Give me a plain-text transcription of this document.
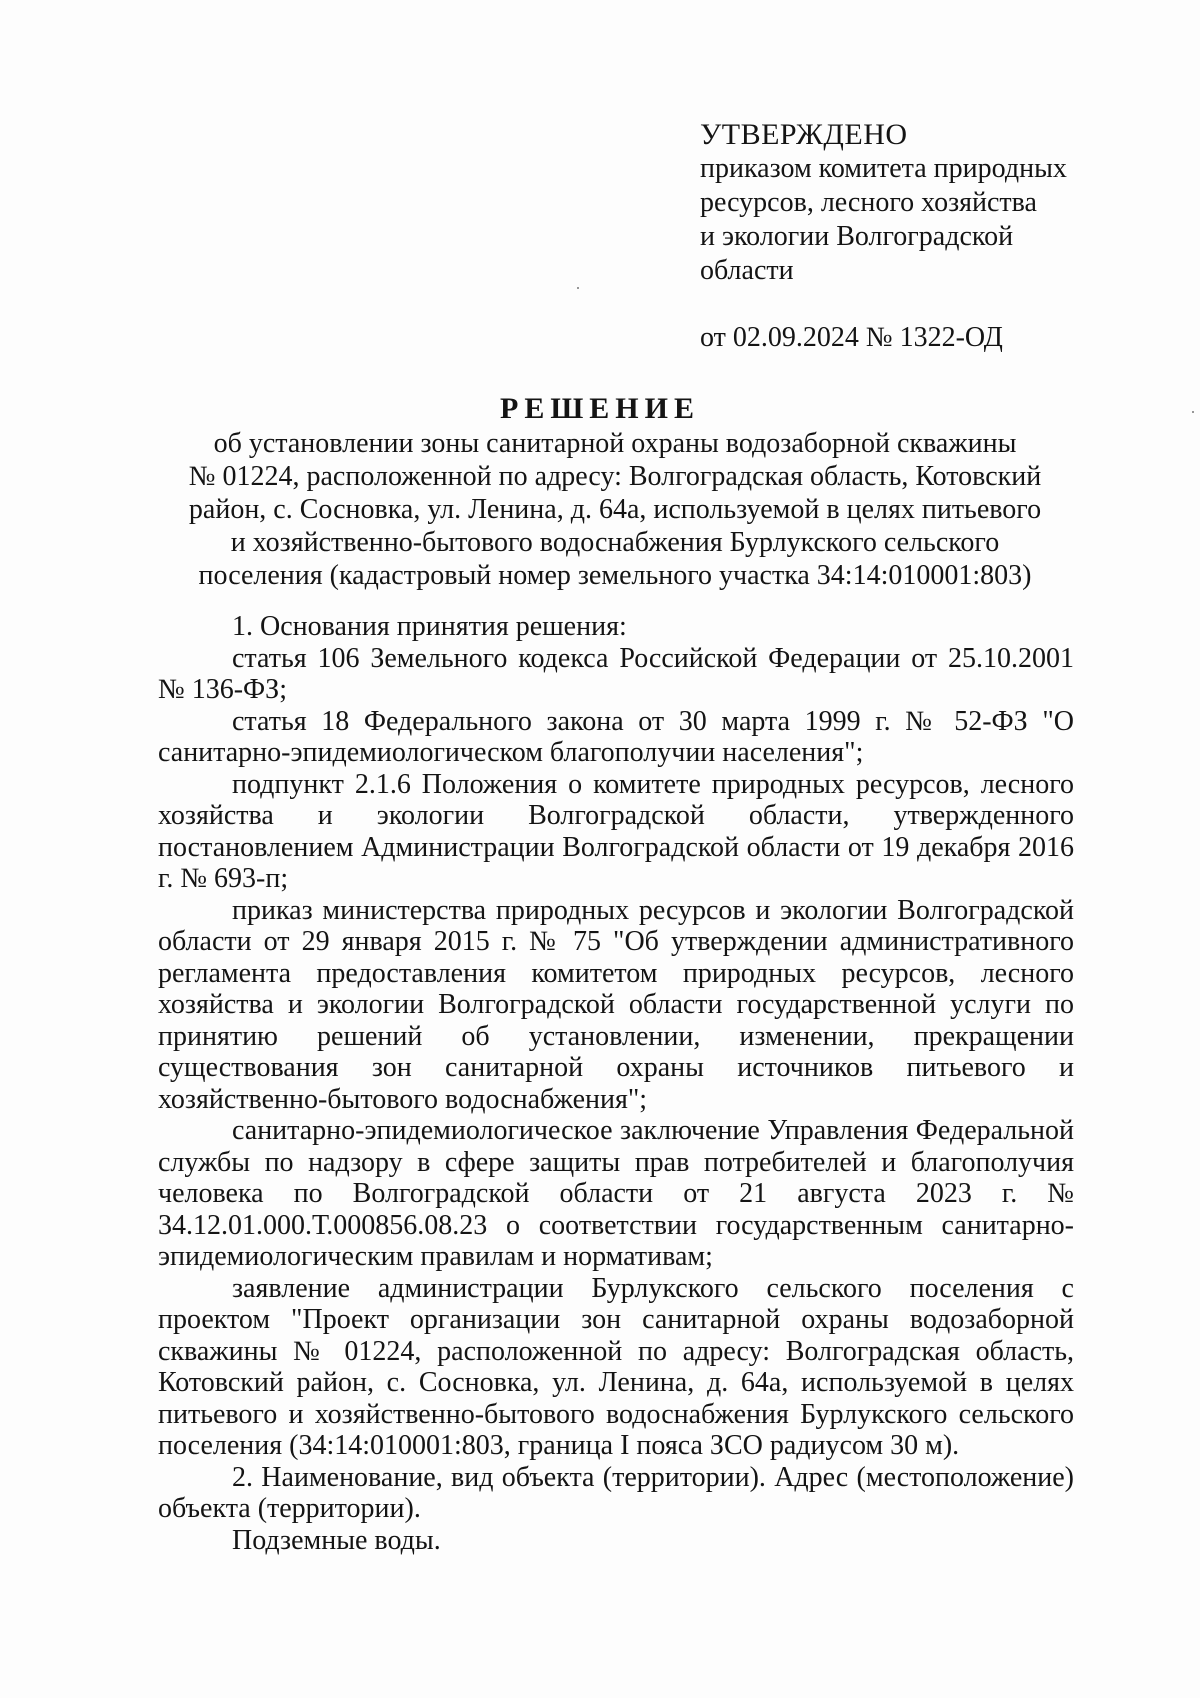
УТВЕРЖДЕНО
приказом комитета природных
ресурсов, лесного хозяйства
и экологии Волгоградской
области
от 02.09.2024 № 1322-ОД
РЕШЕНИЕ
об установлении зоны санитарной охраны водозаборной скважины
№ 01224, расположенной по адресу: Волгоградская область, Котовский
район, с. Сосновка, ул. Ленина, д. 64а, используемой в целях питьевого
и хозяйственно-бытового водоснабжения Бурлукского сельского
поселения (кадастровый номер земельного участка 34:14:010001:803)

1. Основания принятия решения:

статья 106 Земельного кодекса Российской Федерации от 25.10.2001 № 136-ФЗ;

статья 18 Федерального закона от 30 марта 1999 г. № 52-ФЗ "О санитарно-эпидемиологическом благополучии населения";

подпункт 2.1.6 Положения о комитете природных ресурсов, лесного хозяйства и экологии Волгоградской области, утвержденного постановлением Администрации Волгоградской области от 19 декабря 2016 г. № 693-п;

приказ министерства природных ресурсов и экологии Волгоградской области от 29 января 2015 г. № 75 "Об утверждении административного регламента предоставления комитетом природных ресурсов, лесного хозяйства и экологии Волгоградской области государственной услуги по принятию решений об установлении, изменении, прекращении существования зон санитарной охраны источников питьевого и хозяйственно-бытового водоснабжения";

санитарно-эпидемиологическое заключение Управления Федеральной службы по надзору в сфере защиты прав потребителей и благополучия человека по Волгоградской области от 21 августа 2023 г. № 34.12.01.000.Т.000856.08.23 о соответствии государственным санитарно-эпидемиологическим правилам и нормативам;

заявление администрации Бурлукского сельского поселения с проектом "Проект организации зон санитарной охраны водозаборной скважины № 01224, расположенной по адресу: Волгоградская область, Котовский район, с. Сосновка, ул. Ленина, д. 64а, используемой в целях питьевого и хозяйственно-бытового водоснабжения Бурлукского сельского поселения (34:14:010001:803, граница I пояса ЗСО радиусом 30 м).

2. Наименование, вид объекта (территории). Адрес (местоположение) объекта (территории).

Подземные воды.
